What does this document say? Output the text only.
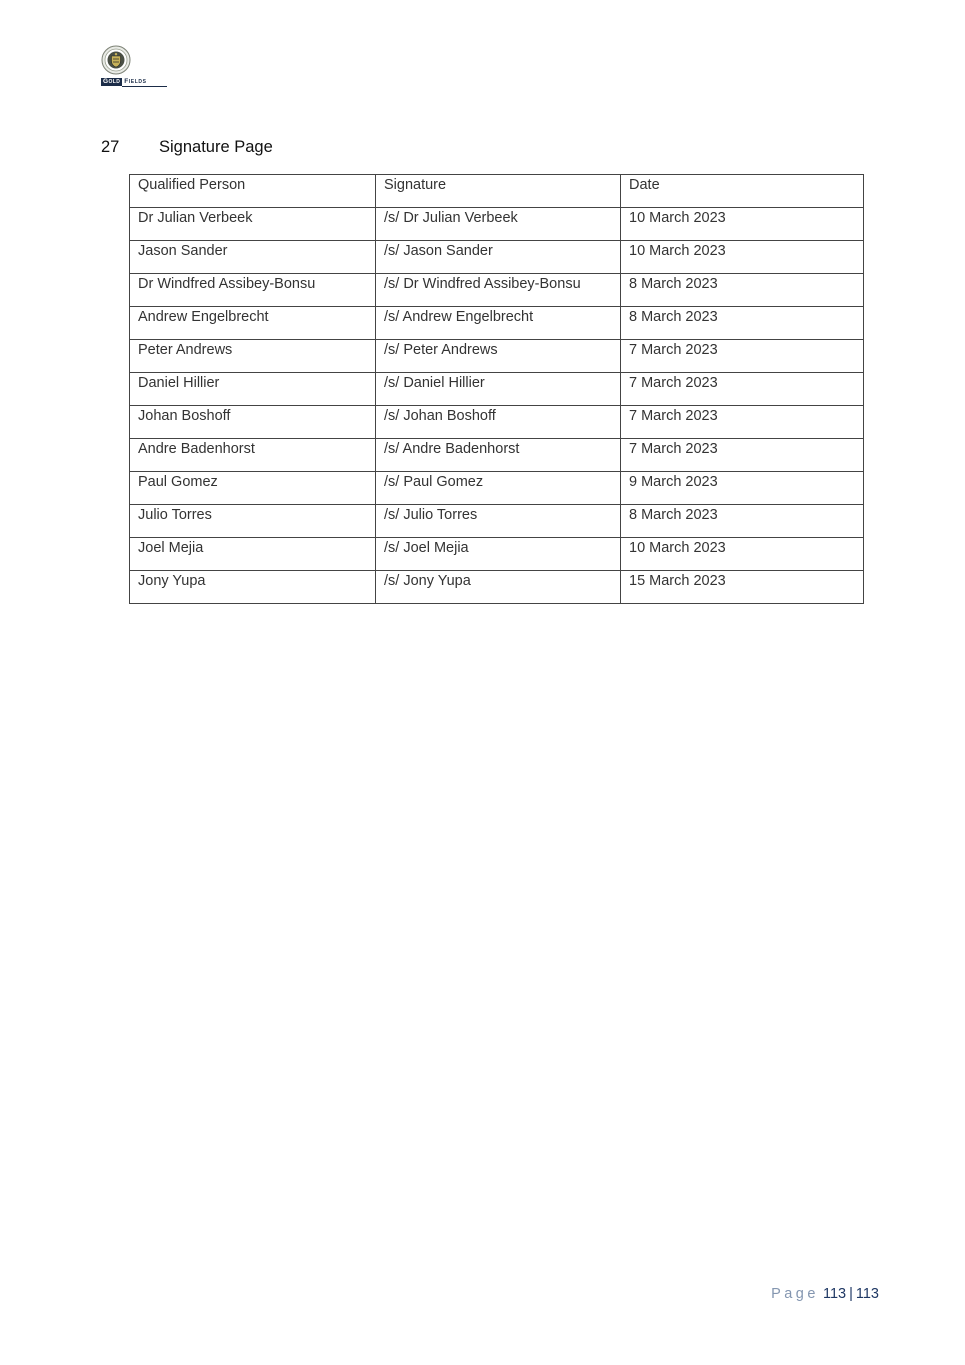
Gold Fields
27	Signature Page
Qualified Person	Signature	Date
Dr Julian Verbeek	/s/ Dr Julian Verbeek	10 March 2023
Jason Sander	/s/ Jason Sander	10 March 2023
Dr Windfred Assibey-Bonsu	/s/ Dr Windfred Assibey-Bonsu	8 March 2023
Andrew Engelbrecht	/s/ Andrew Engelbrecht	8 March 2023
Peter Andrews	/s/ Peter Andrews	7 March 2023
Daniel Hillier	/s/ Daniel Hillier	7 March 2023
Johan Boshoff	/s/ Johan Boshoff	7 March 2023
Andre Badenhorst	/s/ Andre Badenhorst	7 March 2023
Paul Gomez	/s/ Paul Gomez	9 March 2023
Julio Torres	/s/ Julio Torres	8 March 2023
Joel Mejia	/s/ Joel Mejia	10 March 2023
Jony Yupa	/s/ Jony Yupa	15 March 2023
Page 113 | 113
